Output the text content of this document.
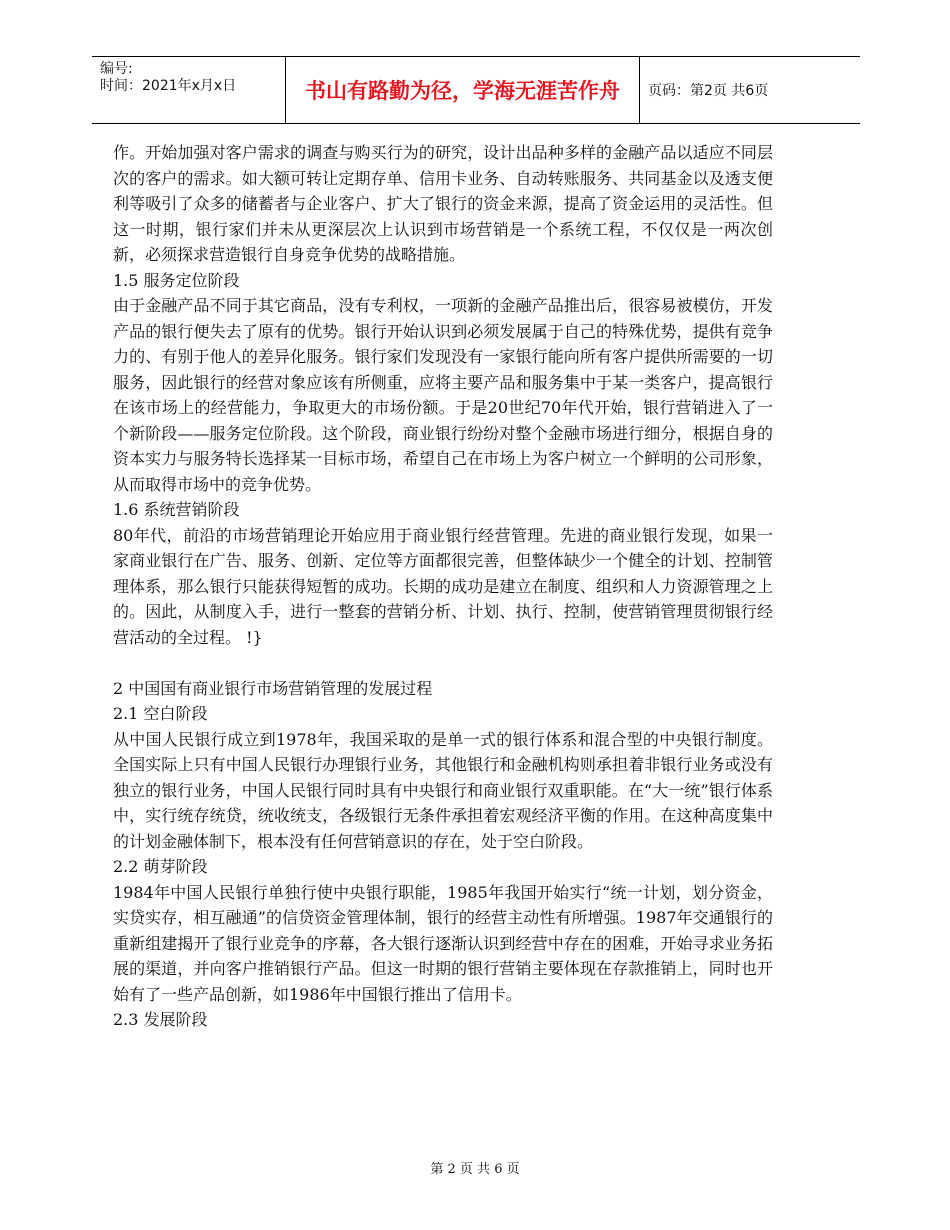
编号:
时间：2021年x月x日	书山有路勤为径，学海无涯苦作舟	页码：第2页 共6页

作。开始加强对客户需求的调查与购买行为的研究，设计出品种多样的金融产品以适应不同层次的客户的需求。如大额可转让定期存单、信用卡业务、自动转账服务、共同基金以及透支便利等吸引了众多的储蓄者与企业客户、扩大了银行的资金来源，提高了资金运用的灵活性。但这一时期，银行家们并未从更深层次上认识到市场营销是一个系统工程，不仅仅是一两次创新，必须探求营造银行自身竞争优势的战略措施。

1.5 服务定位阶段

由于金融产品不同于其它商品，没有专利权，一项新的金融产品推出后，很容易被模仿，开发产品的银行便失去了原有的优势。银行开始认识到必须发展属于自己的特殊优势，提供有竞争力的、有别于他人的差异化服务。银行家们发现没有一家银行能向所有客户提供所需要的一切服务，因此银行的经营对象应该有所侧重，应将主要产品和服务集中于某一类客户，提高银行在该市场上的经营能力，争取更大的市场份额。于是20世纪70年代开始，银行营销进入了一个新阶段——服务定位阶段。这个阶段，商业银行纷纷对整个金融市场进行细分，根据自身的资本实力与服务特长选择某一目标市场，希望自己在市场上为客户树立一个鲜明的公司形象，从而取得市场中的竞争优势。

1.6 系统营销阶段

80年代，前沿的市场营销理论开始应用于商业银行经营管理。先进的商业银行发现，如果一家商业银行在广告、服务、创新、定位等方面都很完善，但整体缺少一个健全的计划、控制管理体系，那么银行只能获得短暂的成功。长期的成功是建立在制度、组织和人力资源管理之上的。因此，从制度入手，进行一整套的营销分析、计划、执行、控制，使营销管理贯彻银行经营活动的全过程。 !}

2 中国国有商业银行市场营销管理的发展过程
2.1 空白阶段

从中国人民银行成立到1978年，我国采取的是单一式的银行体系和混合型的中央银行制度。全国实际上只有中国人民银行办理银行业务，其他银行和金融机构则承担着非银行业务或没有独立的银行业务，中国人民银行同时具有中央银行和商业银行双重职能。在“大一统”银行体系中，实行统存统贷，统收统支，各级银行无条件承担着宏观经济平衡的作用。在这种高度集中的计划金融体制下，根本没有任何营销意识的存在，处于空白阶段。

2.2 萌芽阶段

1984年中国人民银行单独行使中央银行职能，1985年我国开始实行“统一计划，划分资金，实贷实存，相互融通”的信贷资金管理体制，银行的经营主动性有所增强。1987年交通银行的重新组建揭开了银行业竞争的序幕，各大银行逐渐认识到经营中存在的困难，开始寻求业务拓展的渠道，并向客户推销银行产品。但这一时期的银行营销主要体现在存款推销上，同时也开始有了一些产品创新，如1986年中国银行推出了信用卡。

2.3 发展阶段
第 2 页 共 6 页
